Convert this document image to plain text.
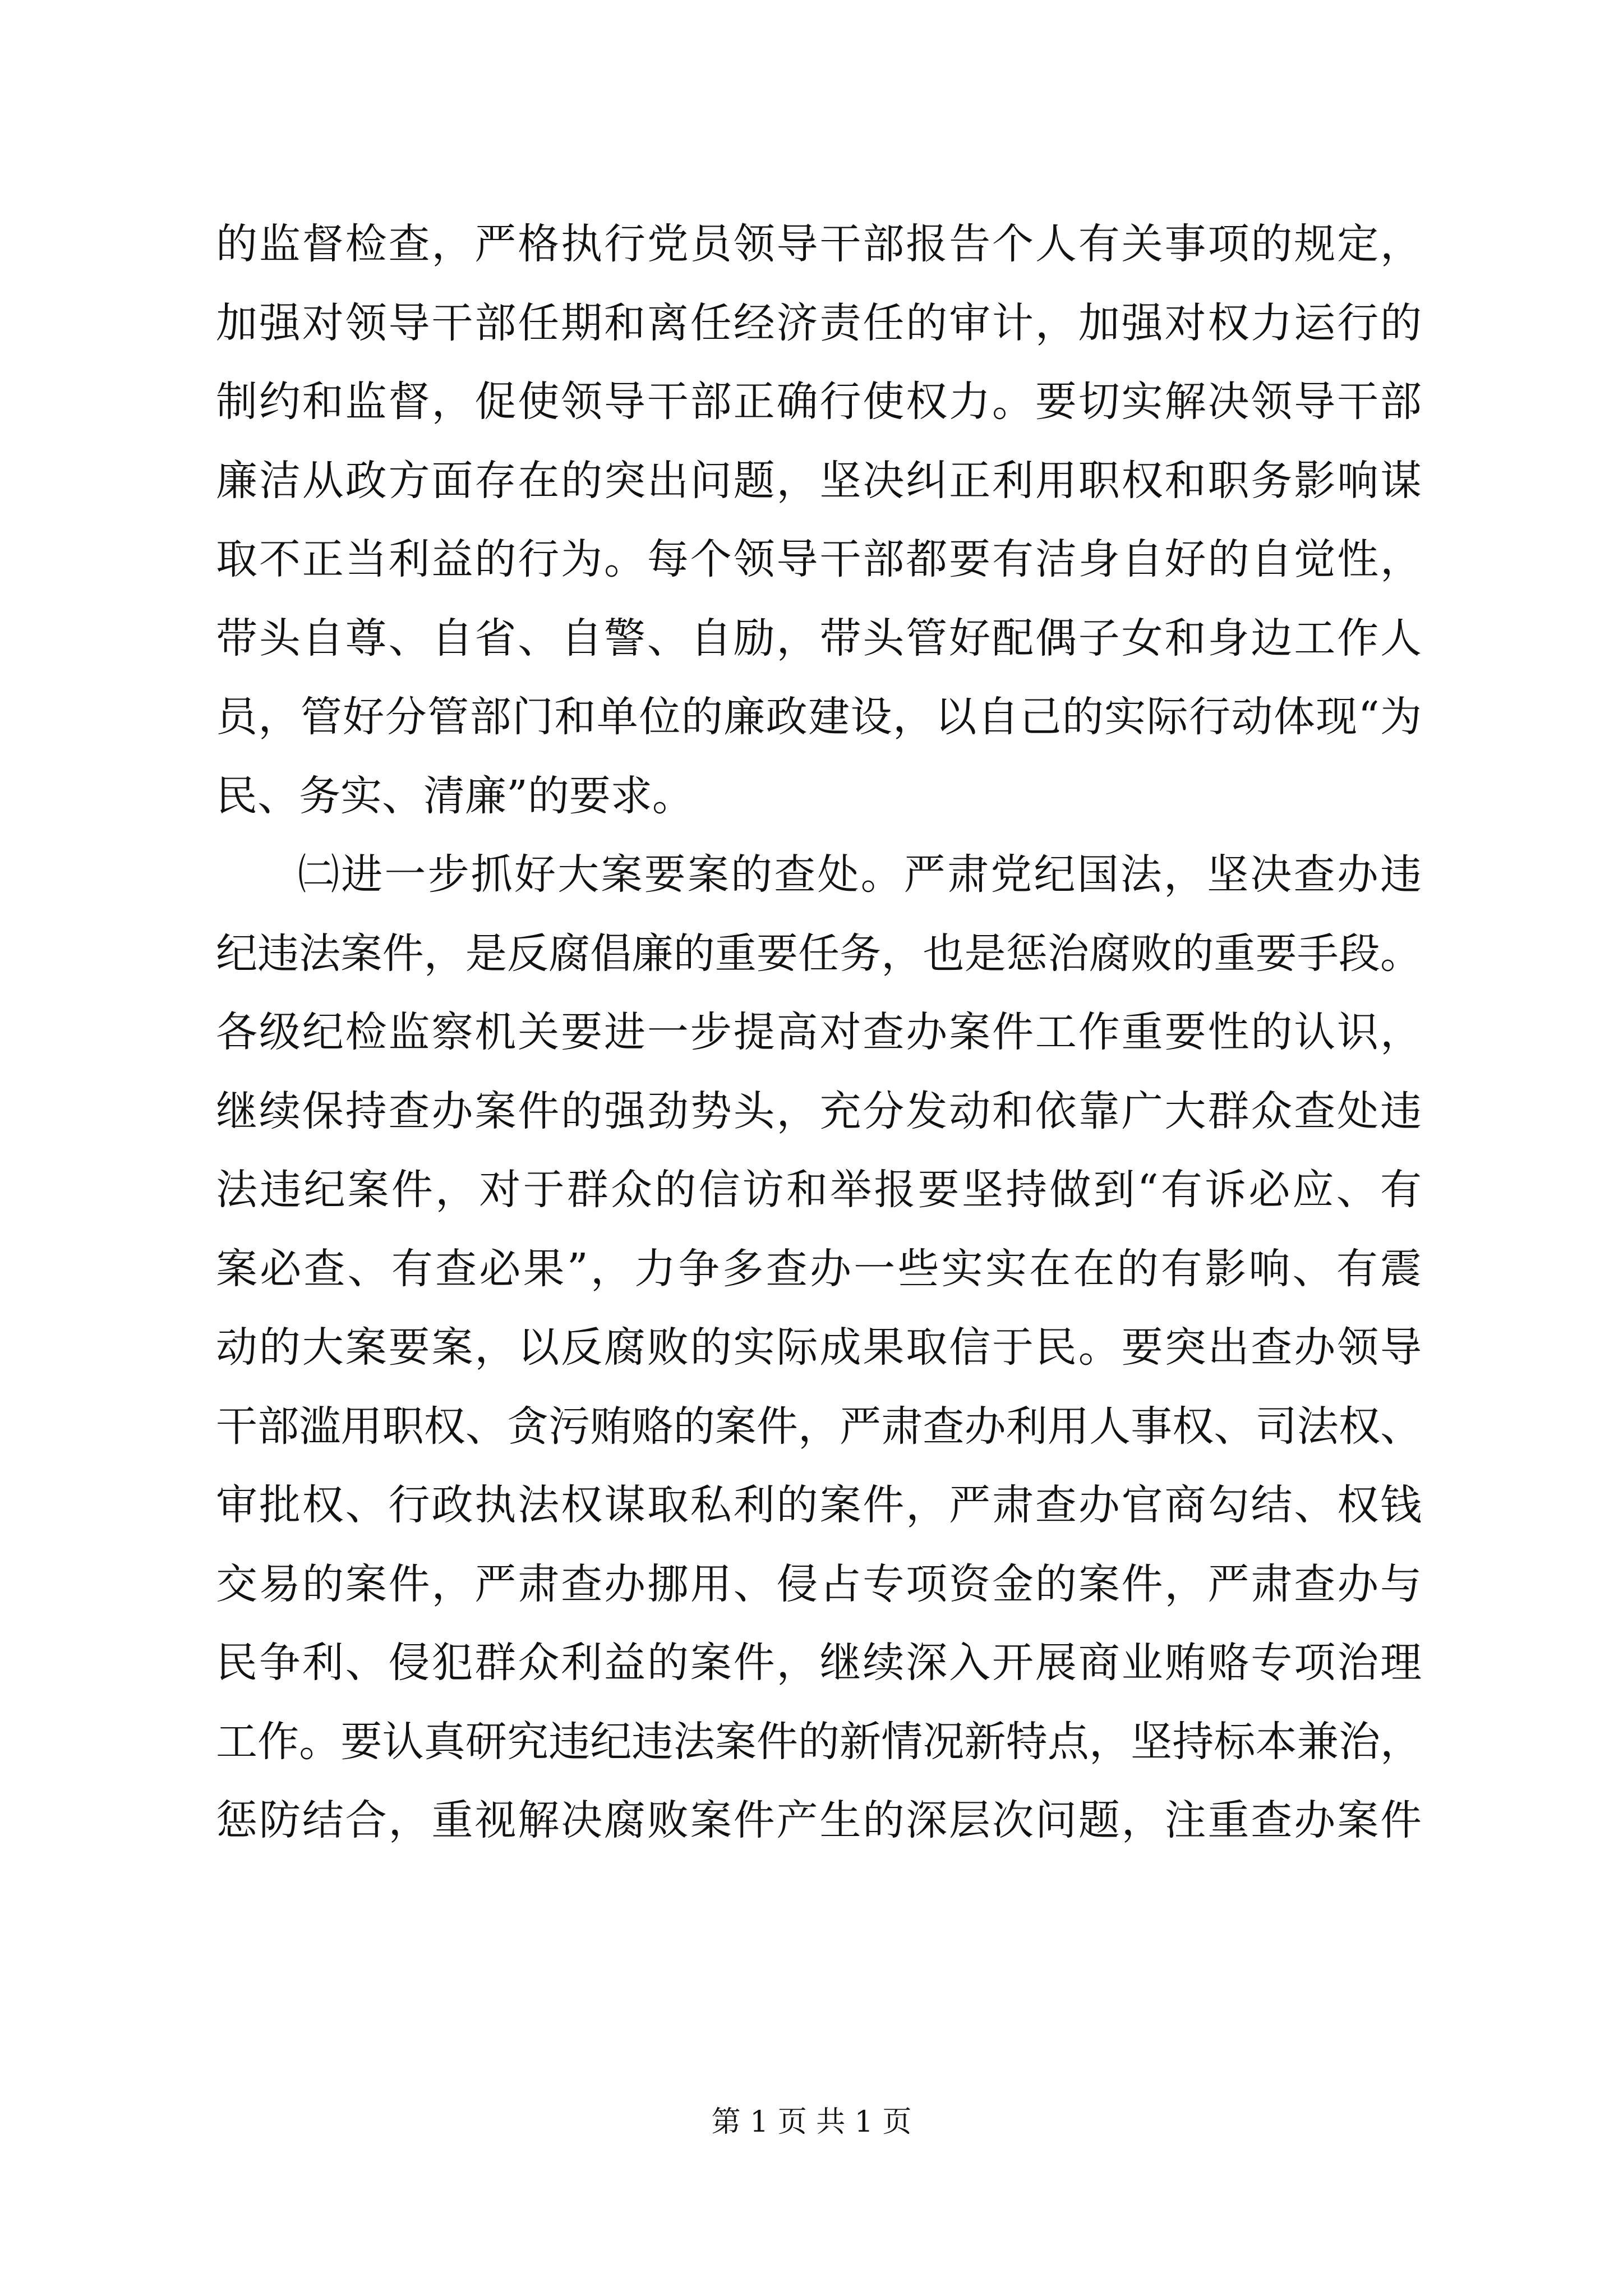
的监督检查，严格执行党员领导干部报告个人有关事项的规定，
加强对领导干部任期和离任经济责任的审计，加强对权力运行的
制约和监督，促使领导干部正确行使权力。要切实解决领导干部
廉洁从政方面存在的突出问题，坚决纠正利用职权和职务影响谋
取不正当利益的行为。每个领导干部都要有洁身自好的自觉性，
带头自尊、自省、自警、自励，带头管好配偶子女和身边工作人
员，管好分管部门和单位的廉政建设，以自己的实际行动体现“为
民、务实、清廉”的要求。
㈡进一步抓好大案要案的查处。严肃党纪国法，坚决查办违
纪违法案件，是反腐倡廉的重要任务，也是惩治腐败的重要手段。
各级纪检监察机关要进一步提高对查办案件工作重要性的认识，
继续保持查办案件的强劲势头，充分发动和依靠广大群众查处违
法违纪案件，对于群众的信访和举报要坚持做到“有诉必应、有
案必查、有查必果”，力争多查办一些实实在在的有影响、有震
动的大案要案，以反腐败的实际成果取信于民。要突出查办领导
干部滥用职权、贪污贿赂的案件，严肃查办利用人事权、司法权、
审批权、行政执法权谋取私利的案件，严肃查办官商勾结、权钱
交易的案件，严肃查办挪用、侵占专项资金的案件，严肃查办与
民争利、侵犯群众利益的案件，继续深入开展商业贿赂专项治理
工作。要认真研究违纪违法案件的新情况新特点，坚持标本兼治，
惩防结合，重视解决腐败案件产生的深层次问题，注重查办案件
第 1 页 共 1 页
